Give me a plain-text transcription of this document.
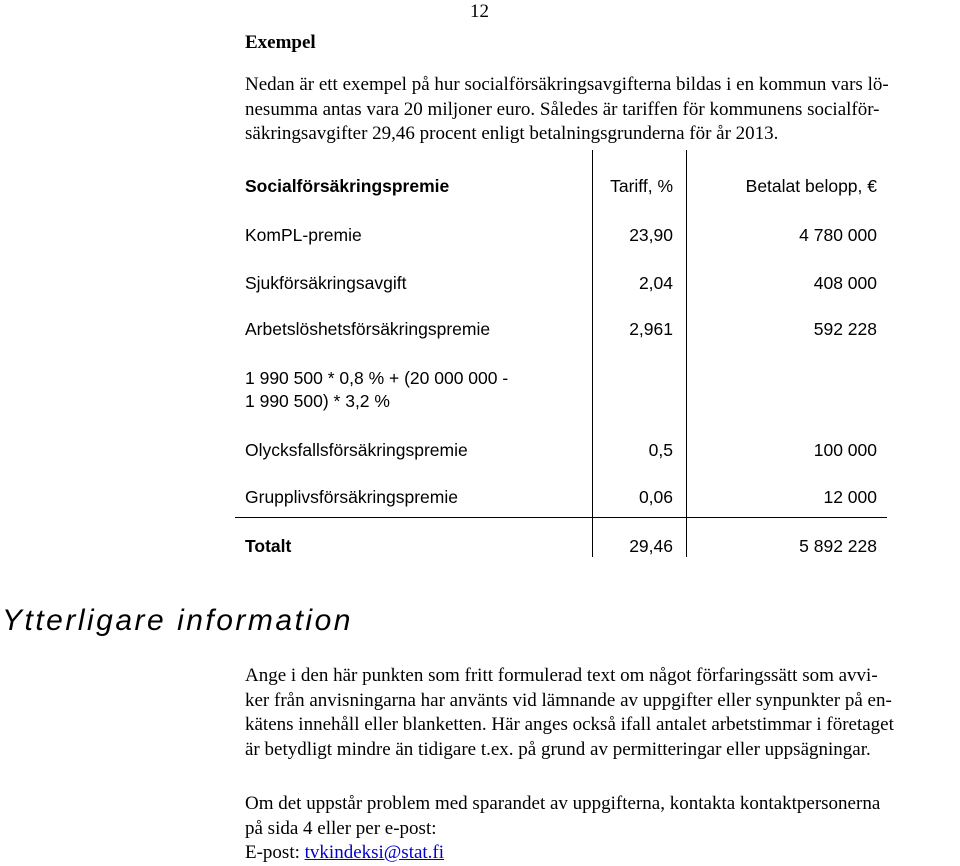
12
Exempel
Nedan är ett exempel på hur socialförsäkringsavgifterna bildas i en kommun vars lö-
nesumma antas vara 20 miljoner euro. Således är tariffen för kommunens socialför-
säkringsavgifter 29,46 procent enligt betalningsgrunderna för år 2013.
Socialförsäkringspremie	Tariff, %	Betalat belopp, €
KomPL-premie	23,90	4 780 000
Sjukförsäkringsavgift	2,04	408 000
Arbetslöshetsförsäkringspremie	2,961	592 228
1 990 500 * 0,8 % + (20 000 000 -
1 990 500) * 3,2 %
Olycksfallsförsäkringspremie	0,5	100 000
Grupplivsförsäkringspremie	0,06	12 000
Totalt	29,46	5 892 228
Ytterligare information
Ange i den här punkten som fritt formulerad text om något förfaringssätt som avvi-
ker från anvisningarna har använts vid lämnande av uppgifter eller synpunkter på en-
kätens innehåll eller blanketten. Här anges också ifall antalet arbetstimmar i företaget
är betydligt mindre än tidigare t.ex. på grund av permitteringar eller uppsägningar.
Om det uppstår problem med sparandet av uppgifterna, kontakta kontaktpersonerna
på sida 4 eller per e-post:
E-post: tvkindeksi@stat.fi
